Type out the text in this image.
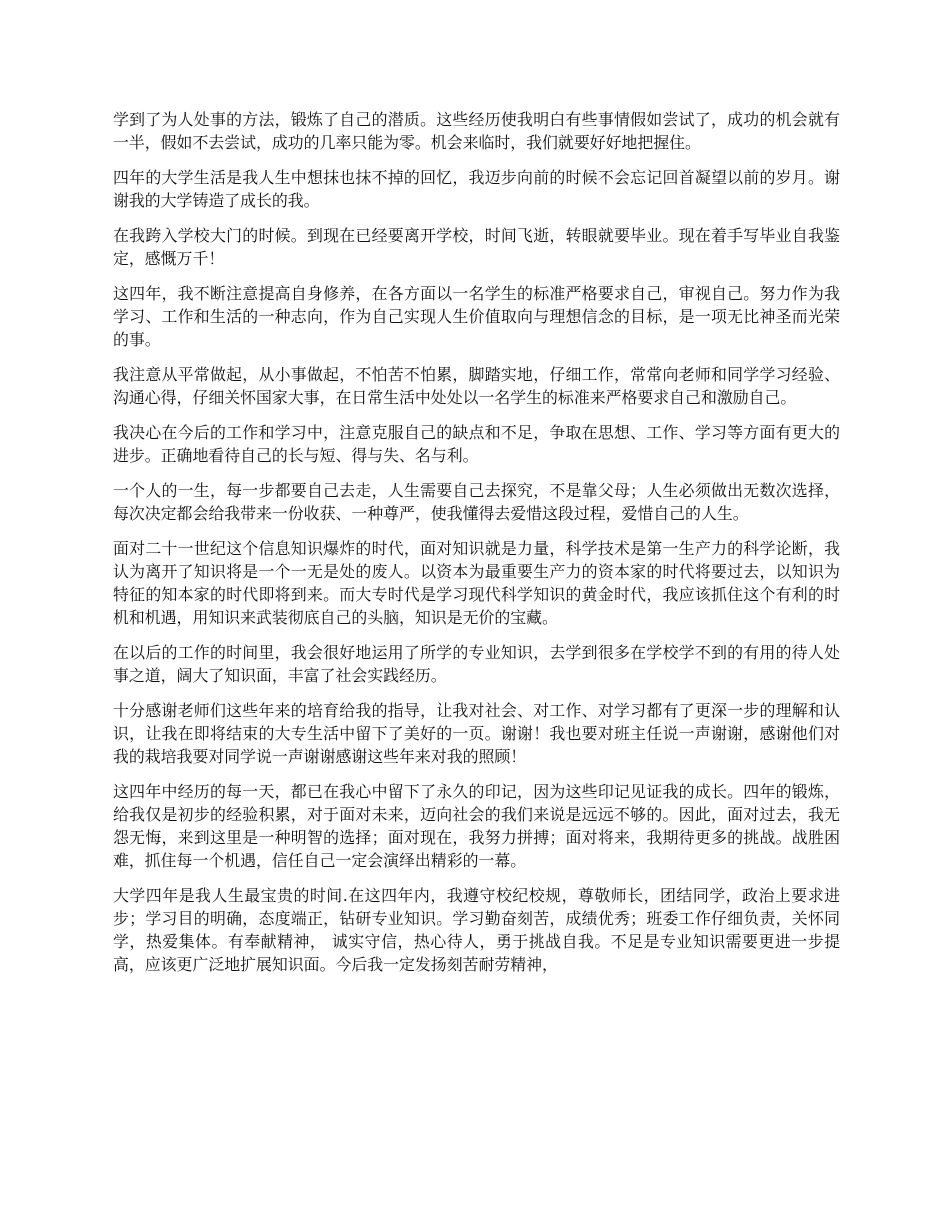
学到了为人处事的方法，锻炼了自己的潜质。这些经历使我明白有些事情假如尝试了，成功的机会就有一半，假如不去尝试，成功的几率只能为零。机会来临时，我们就要好好地把握住。

四年的大学生活是我人生中想抹也抹不掉的回忆，我迈步向前的时候不会忘记回首凝望以前的岁月。谢谢我的大学铸造了成长的我。

在我跨入学校大门的时候。到现在已经要离开学校，时间飞逝，转眼就要毕业。现在着手写毕业自我鉴定，感慨万千！

这四年，我不断注意提高自身修养，在各方面以一名学生的标准严格要求自己，审视自己。努力作为我学习、工作和生活的一种志向，作为自己实现人生价值取向与理想信念的目标，是一项无比神圣而光荣的事。

我注意从平常做起，从小事做起，不怕苦不怕累，脚踏实地，仔细工作，常常向老师和同学学习经验、沟通心得，仔细关怀国家大事，在日常生活中处处以一名学生的标准来严格要求自己和激励自己。

我决心在今后的工作和学习中，注意克服自己的缺点和不足，争取在思想、工作、学习等方面有更大的进步。正确地看待自己的长与短、得与失、名与利。

一个人的一生，每一步都要自己去走，人生需要自己去探究，不是靠父母；人生必须做出无数次选择，每次决定都会给我带来一份收获、一种尊严，使我懂得去爱惜这段过程，爱惜自己的人生。

面对二十一世纪这个信息知识爆炸的时代，面对知识就是力量，科学技术是第一生产力的科学论断，我认为离开了知识将是一个一无是处的废人。以资本为最重要生产力的资本家的时代将要过去，以知识为特征的知本家的时代即将到来。而大专时代是学习现代科学知识的黄金时代，我应该抓住这个有利的时机和机遇，用知识来武装彻底自己的头脑，知识是无价的宝藏。

在以后的工作的时间里，我会很好地运用了所学的专业知识，去学到很多在学校学不到的有用的待人处事之道，阔大了知识面，丰富了社会实践经历。

十分感谢老师们这些年来的培育给我的指导，让我对社会、对工作、对学习都有了更深一步的理解和认识，让我在即将结束的大专生活中留下了美好的一页。谢谢！我也要对班主任说一声谢谢，感谢他们对我的栽培我要对同学说一声谢谢感谢这些年来对我的照顾！

这四年中经历的每一天，都已在我心中留下了永久的印记，因为这些印记见证我的成长。四年的锻炼，给我仅是初步的经验积累，对于面对未来，迈向社会的我们来说是远远不够的。因此，面对过去，我无怨无悔，来到这里是一种明智的选择；面对现在，我努力拼搏；面对将来，我期待更多的挑战。战胜困难，抓住每一个机遇，信任自己一定会演绎出精彩的一幕。

大学四年是我人生最宝贵的时间.在这四年内，我遵守校纪校规，尊敬师长，团结同学，政治上要求进步；学习目的明确，态度端正，钻研专业知识。学习勤奋刻苦，成绩优秀；班委工作仔细负责，关怀同学，热爱集体。有奉献精神， 诚实守信，热心待人，勇于挑战自我。不足是专业知识需要更进一步提高，应该更广泛地扩展知识面。今后我一定发扬刻苦耐劳精神，
